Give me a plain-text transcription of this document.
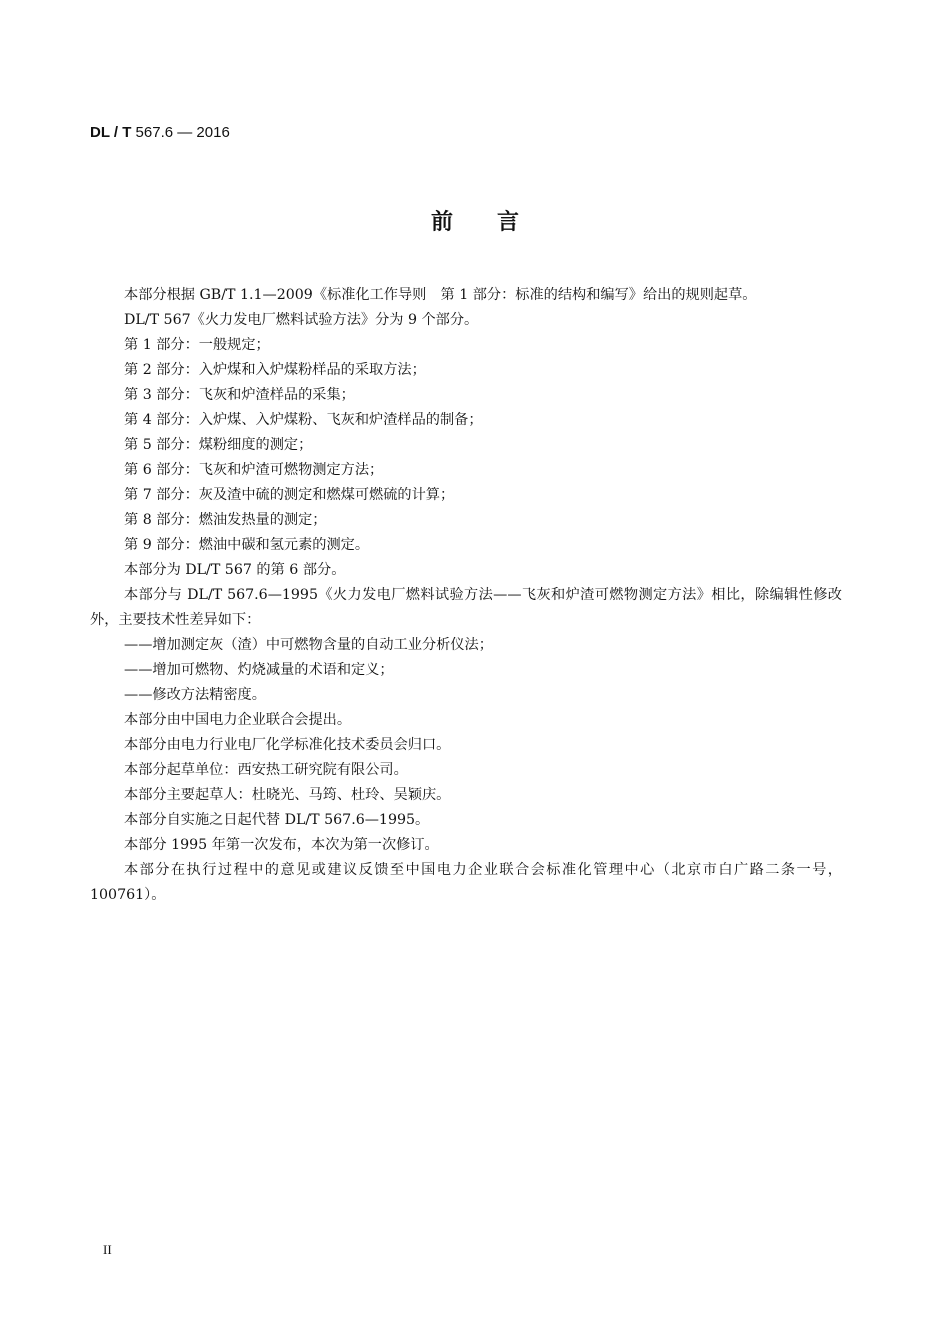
DL / T 567.6 — 2016
前言

本部分根据 GB/T 1.1—2009《标准化工作导则　第 1 部分：标准的结构和编写》给出的规则起草。

DL/T 567《火力发电厂燃料试验方法》分为 9 个部分。

第 1 部分：一般规定；

第 2 部分：入炉煤和入炉煤粉样品的采取方法；

第 3 部分：飞灰和炉渣样品的采集；

第 4 部分：入炉煤、入炉煤粉、飞灰和炉渣样品的制备；

第 5 部分：煤粉细度的测定；

第 6 部分：飞灰和炉渣可燃物测定方法；

第 7 部分：灰及渣中硫的测定和燃煤可燃硫的计算；

第 8 部分：燃油发热量的测定；

第 9 部分：燃油中碳和氢元素的测定。

本部分为 DL/T 567 的第 6 部分。

本部分与 DL/T 567.6—1995《火力发电厂燃料试验方法——飞灰和炉渣可燃物测定方法》相比，除编辑性修改外，主要技术性差异如下：

——增加测定灰（渣）中可燃物含量的自动工业分析仪法；

——增加可燃物、灼烧减量的术语和定义；

——修改方法精密度。

本部分由中国电力企业联合会提出。

本部分由电力行业电厂化学标准化技术委员会归口。

本部分起草单位：西安热工研究院有限公司。

本部分主要起草人：杜晓光、马筠、杜玲、吴颖庆。

本部分自实施之日起代替 DL/T 567.6—1995。

本部分 1995 年第一次发布，本次为第一次修订。

本部分在执行过程中的意见或建议反馈至中国电力企业联合会标准化管理中心（北京市白广路二条一号，100761）。

II
